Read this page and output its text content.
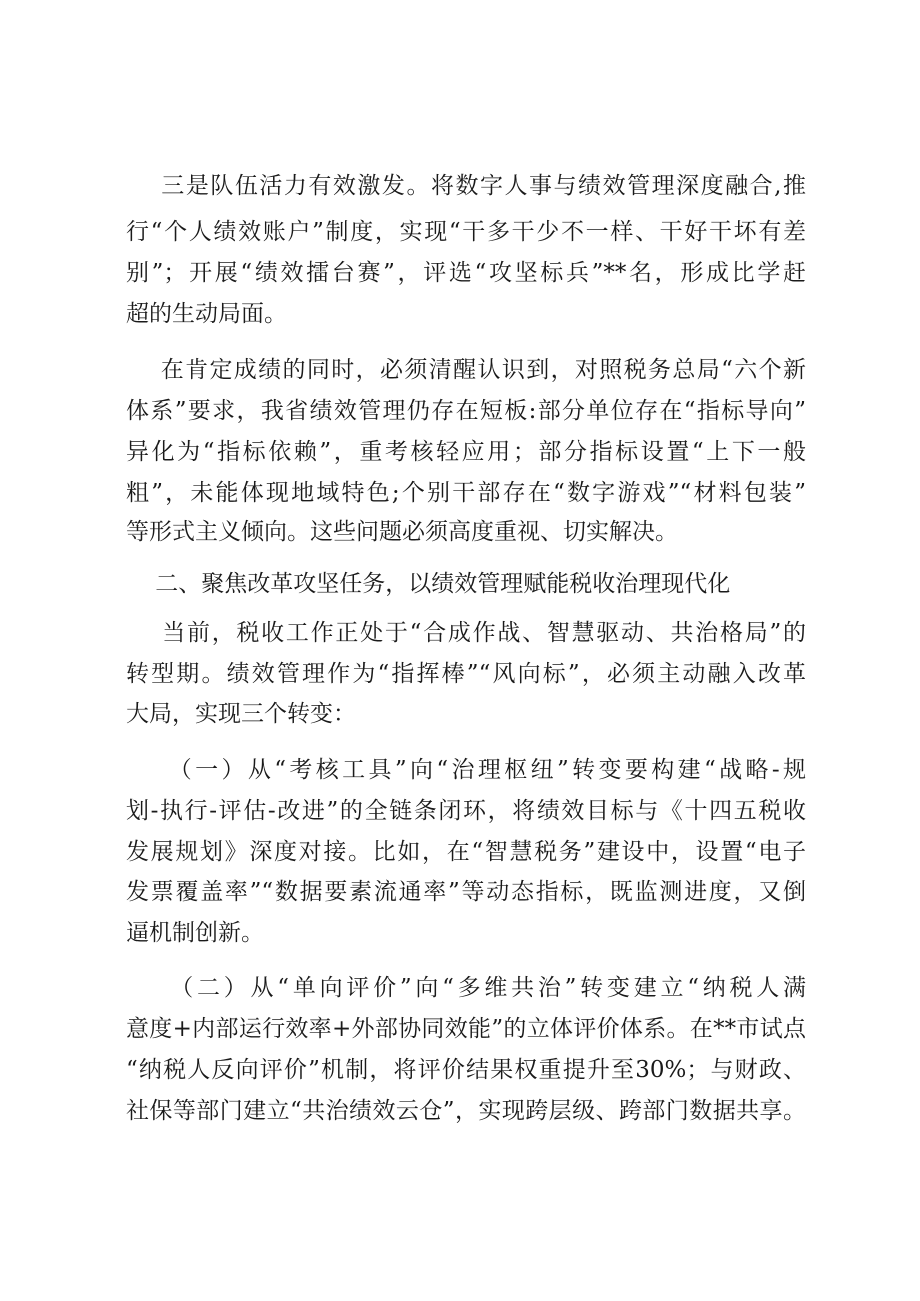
三是队伍活力有效激发。将数字人事与绩效管理深度融合,推
行“个人绩效账户”制度，实现“干多干少不一样、干好干坏有差
别”；开展“绩效擂台赛”，评选“攻坚标兵”**名，形成比学赶
超的生动局面。
在肯定成绩的同时，必须清醒认识到，对照税务总局“六个新
体系”要求，我省绩效管理仍存在短板:部分单位存在“指标导向”
异化为“指标依赖”，重考核轻应用；部分指标设置“上下一般
粗”，未能体现地域特色;个别干部存在“数字游戏”“材料包装”
等形式主义倾向。这些问题必须高度重视、切实解决。
二、聚焦改革攻坚任务，以绩效管理赋能税收治理现代化
当前，税收工作正处于“合成作战、智慧驱动、共治格局”的
转型期。绩效管理作为“指挥棒”“风向标”，必须主动融入改革
大局，实现三个转变：
（一）从“考核工具”向“治理枢纽”转变要构建“战略-规
划-执行-评估-改进”的全链条闭环，将绩效目标与《十四五税收
发展规划》深度对接。比如，在“智慧税务”建设中，设置“电子
发票覆盖率”“数据要素流通率”等动态指标，既监测进度，又倒
逼机制创新。
（二）从“单向评价”向“多维共治”转变建立“纳税人满
意度+内部运行效率+外部协同效能”的立体评价体系。在**市试点
“纳税人反向评价”机制，将评价结果权重提升至30%；与财政、
社保等部门建立“共治绩效云仓”，实现跨层级、跨部门数据共享。
